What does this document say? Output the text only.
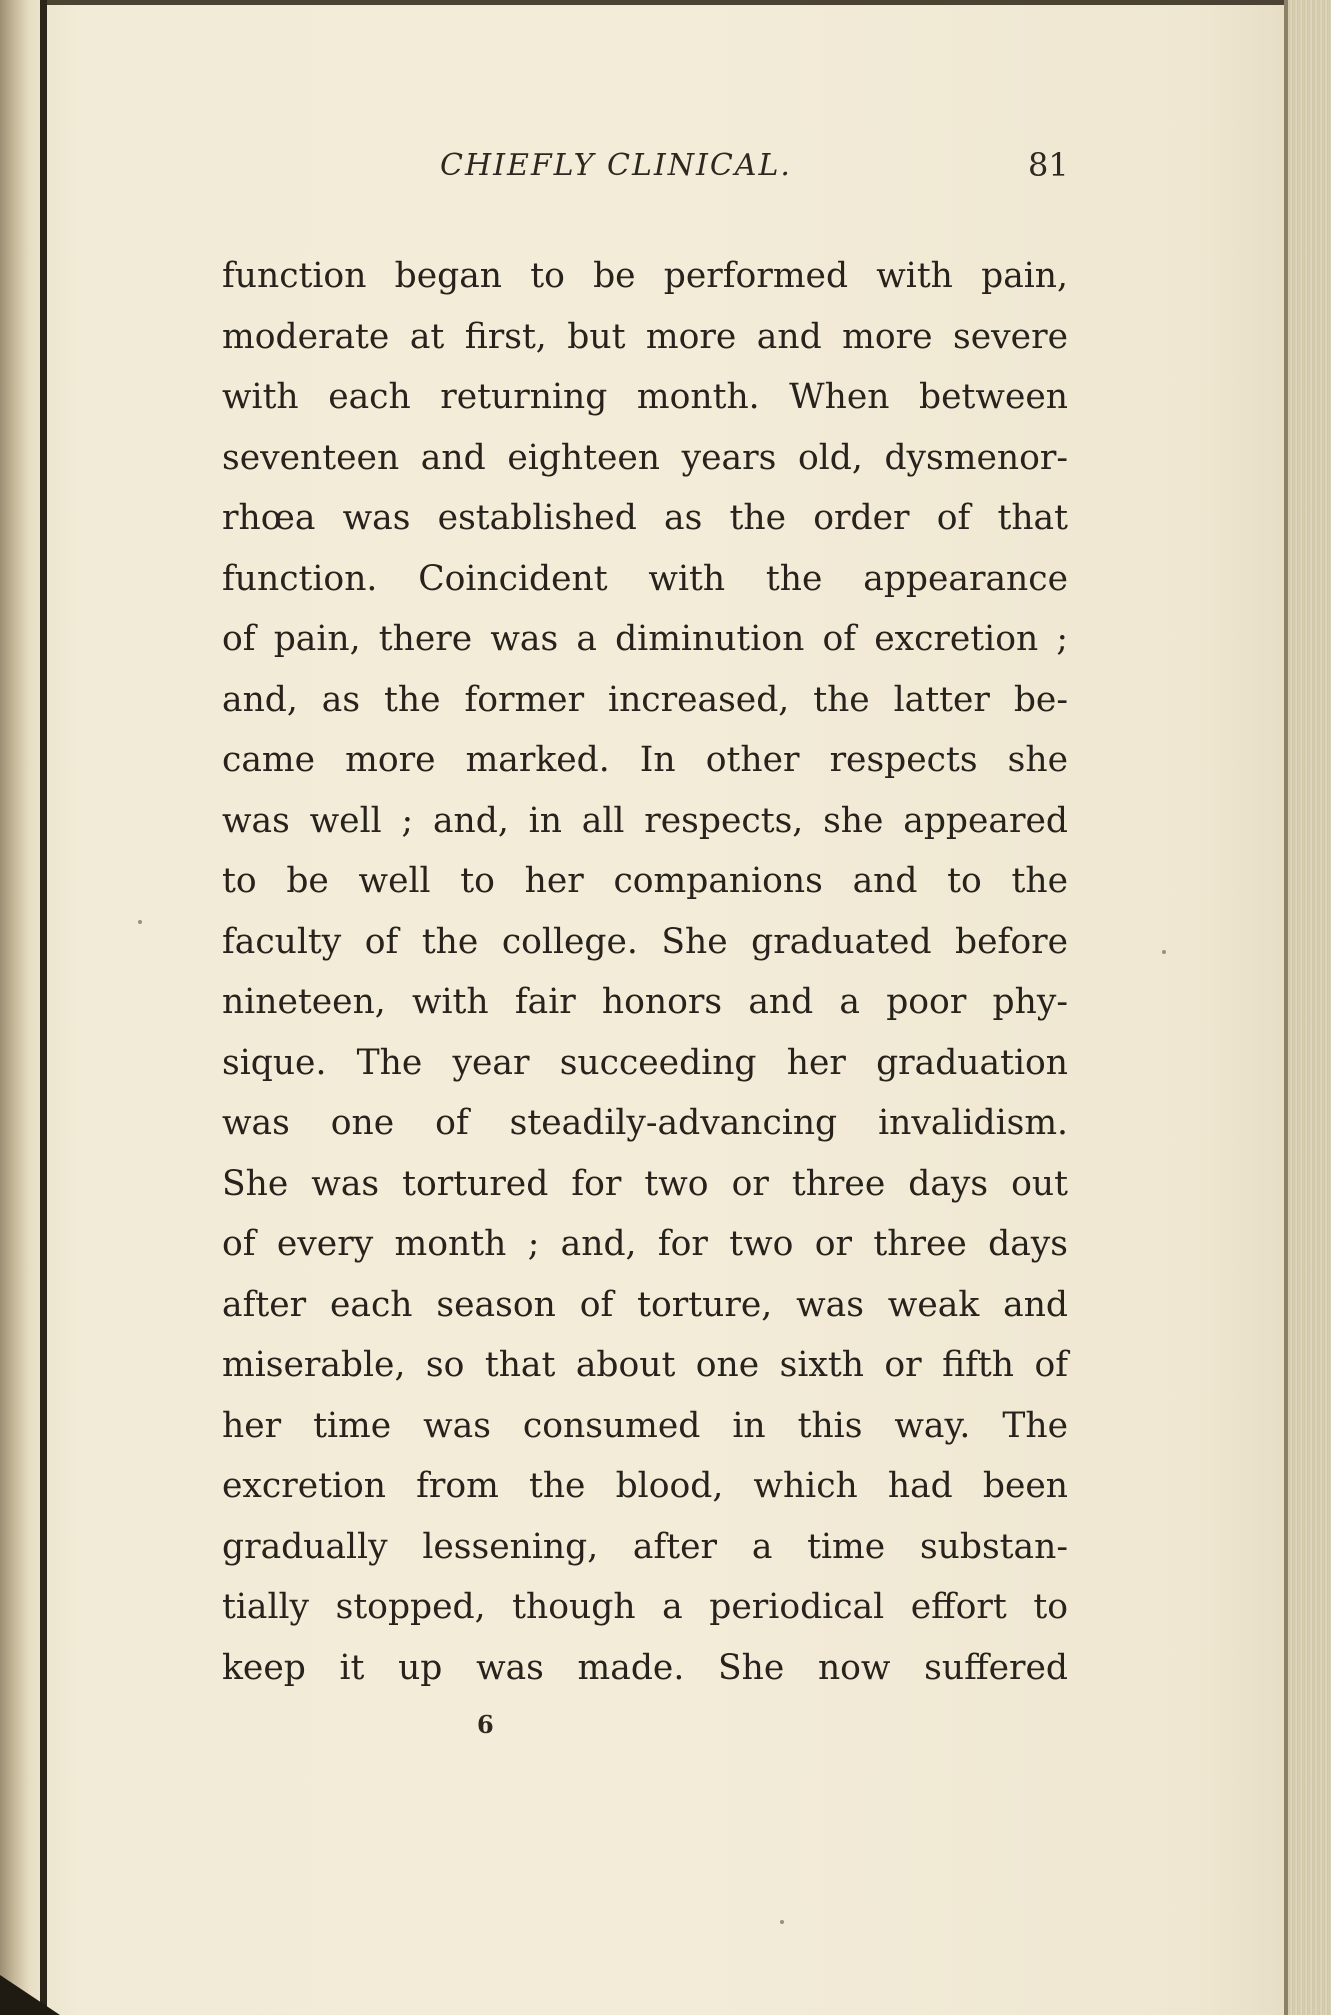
CHIEFLY CLINICAL.	81
function began to be performed with pain,
moderate at first, but more and more severe
with each returning month. When between
seventeen and eighteen years old, dysmenor-
rhœa was established as the order of that
function. Coincident with the appearance
of pain, there was a diminution of excretion ;
and, as the former increased, the latter be-
came more marked. In other respects she
was well ; and, in all respects, she appeared
to be well to her companions and to the
faculty of the college. She graduated before
nineteen, with fair honors and a poor phy-
sique. The year succeeding her graduation
was one of steadily-advancing invalidism.
She was tortured for two or three days out
of every month ; and, for two or three days
after each season of torture, was weak and
miserable, so that about one sixth or fifth of
her time was consumed in this way. The
excretion from the blood, which had been
gradually lessening, after a time substan-
tially stopped, though a periodical effort to
keep it up was made. She now suffered
6
